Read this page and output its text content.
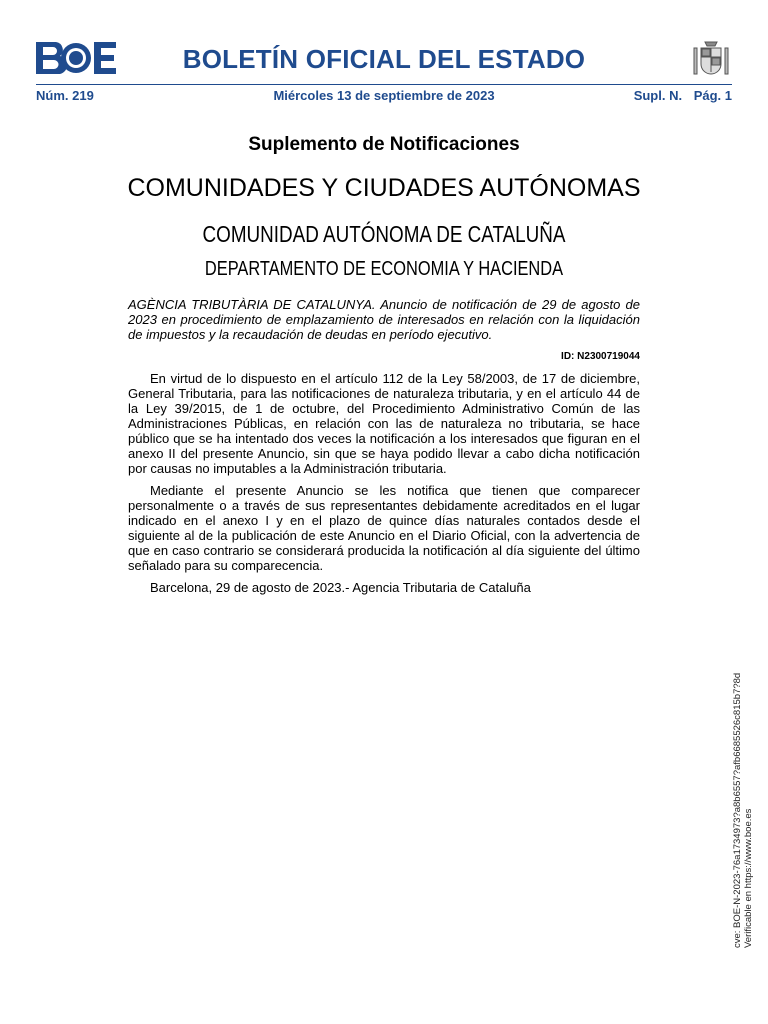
BOLETÍN OFICIAL DEL ESTADO
Núm. 219	Miércoles 13 de septiembre de 2023	Supl. N. Pág. 1
Suplemento de Notificaciones
COMUNIDADES Y CIUDADES AUTÓNOMAS
COMUNIDAD AUTÓNOMA DE CATALUÑA
DEPARTAMENTO DE ECONOMIA Y HACIENDA

AGÈNCIA TRIBUTÀRIA DE CATALUNYA. Anuncio de notificación de 29 de agosto de 2023 en procedimiento de emplazamiento de interesados en relación con la liquidación de impuestos y la recaudación de deudas en período ejecutivo.

ID: N2300719044

En virtud de lo dispuesto en el artículo 112 de la Ley 58/2003, de 17 de diciembre, General Tributaria, para las notificaciones de naturaleza tributaria, y en el artículo 44 de la Ley 39/2015, de 1 de octubre, del Procedimiento Administrativo Común de las Administraciones Públicas, en relación con las de naturaleza no tributaria, se hace público que se ha intentado dos veces la notificación a los interesados que figuran en el anexo II del presente Anuncio, sin que se haya podido llevar a cabo dicha notificación por causas no imputables a la Administración tributaria.

Mediante el presente Anuncio se les notifica que tienen que comparecer personalmente o a través de sus representantes debidamente acreditados en el lugar indicado en el anexo I y en el plazo de quince días naturales contados desde el siguiente al de la publicación de este Anuncio en el Diario Oficial, con la advertencia de que en caso contrario se considerará producida la notificación al día siguiente del último señalado para su comparecencia.

Barcelona, 29 de agosto de 2023.- Agencia Tributaria de Cataluña

cve: BOE-N-2023-76a1734973?a8b6557?afb6685526c815b7?8d Verificable en https://www.boe.es
